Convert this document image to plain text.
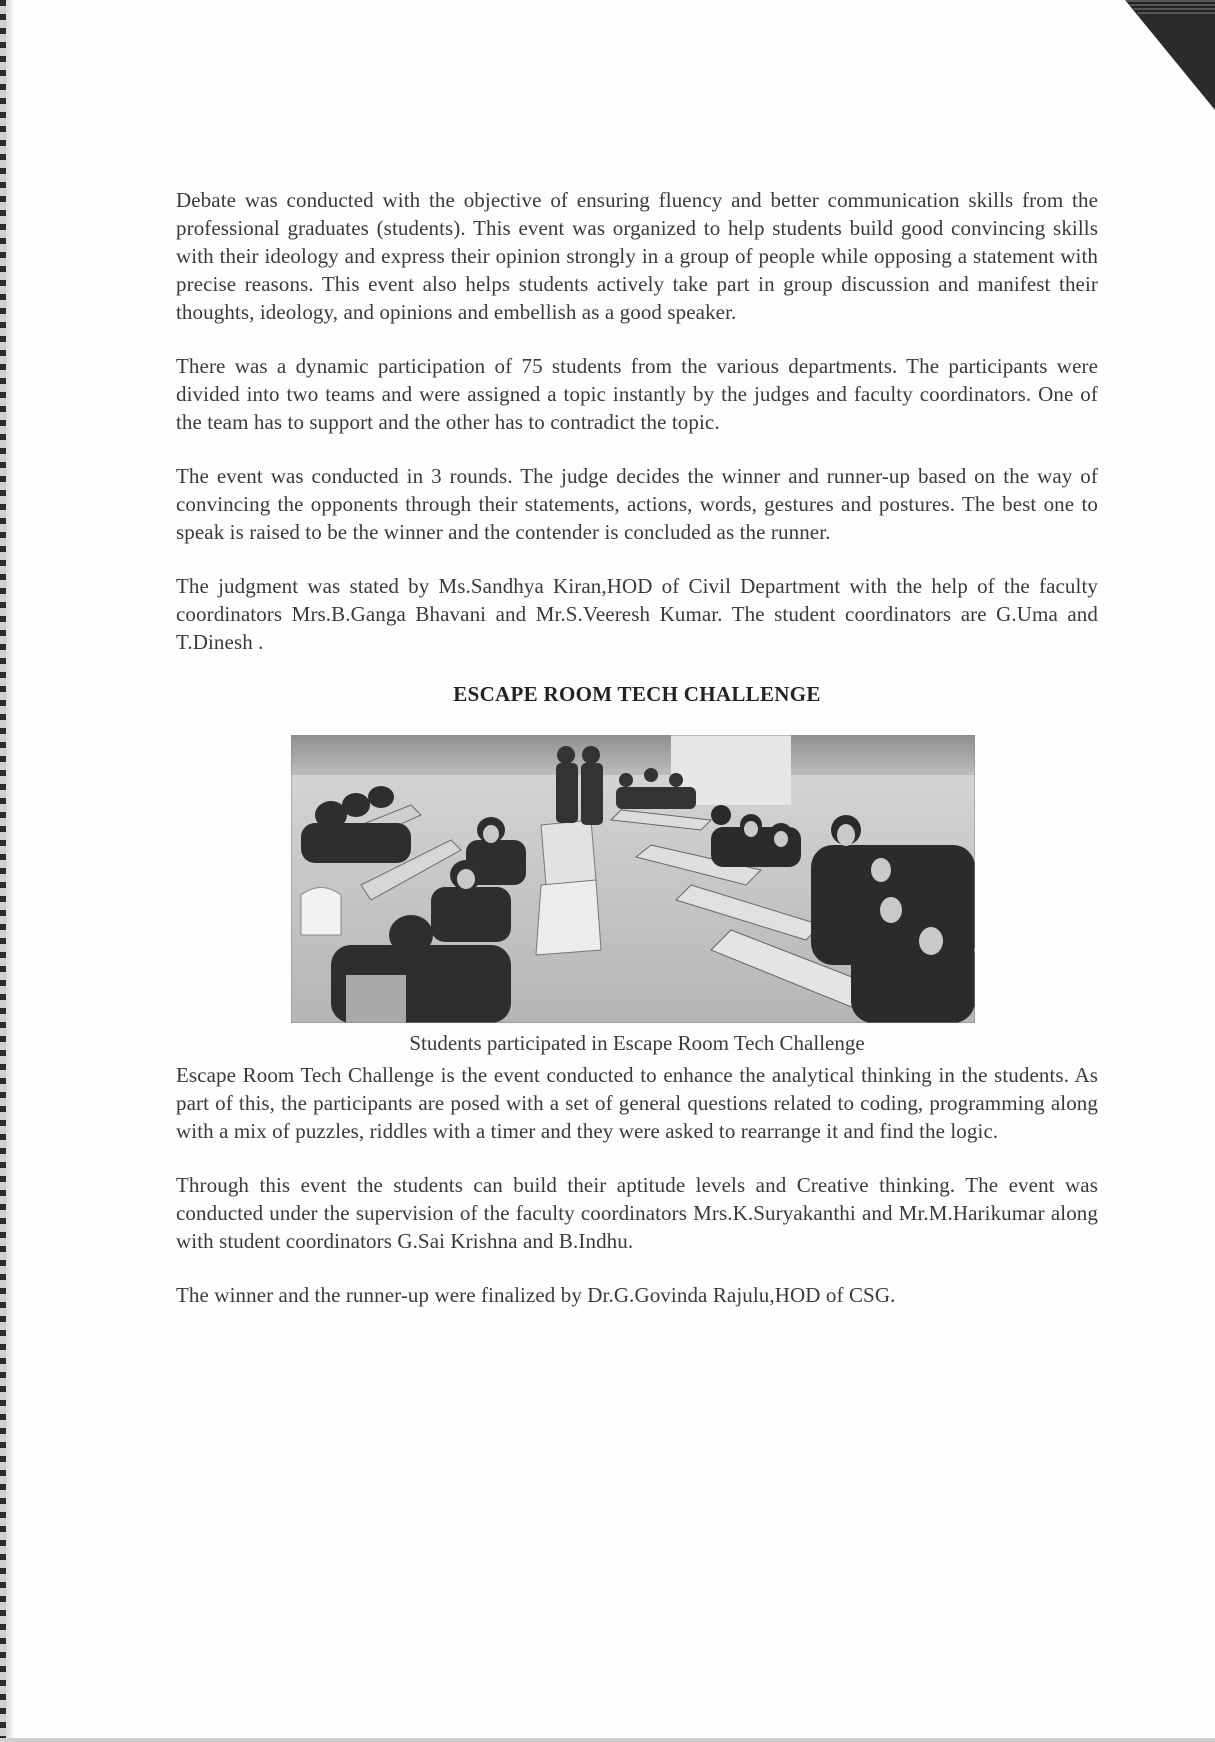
Debate was conducted with the objective of ensuring fluency and better communication skills from the professional graduates (students). This event was organized to help students build good convincing skills with their ideology and express their opinion strongly in a group of people while opposing a statement with precise reasons. This event also helps students actively take part in group discussion and manifest their thoughts, ideology, and opinions and embellish as a good speaker.

There was a dynamic participation of 75 students from the various departments. The participants were divided into two teams and were assigned a topic instantly by the judges and faculty coordinators. One of the team has to support and the other has to contradict the topic.

The event was conducted in 3 rounds. The judge decides the winner and runner-up based on the way of convincing the opponents through their statements, actions, words, gestures and postures. The best one to speak is raised to be the winner and the contender is concluded as the runner.

The judgment was stated by Ms.Sandhya Kiran,HOD of Civil Department with the help of the faculty coordinators Mrs.B.Ganga Bhavani and Mr.S.Veeresh Kumar. The student coordinators are G.Uma and T.Dinesh .

ESCAPE ROOM TECH CHALLENGE
Students participated in Escape Room Tech Challenge

Escape Room Tech Challenge is the event conducted to enhance the analytical thinking in the students. As part of this, the participants are posed with a set of general questions related to coding, programming along with a mix of puzzles, riddles with a timer and they were asked to rearrange it and find the logic.

Through this event the students can build their aptitude levels and Creative thinking. The event was conducted under the supervision of the faculty coordinators Mrs.K.Suryakanthi and Mr.M.Harikumar along with student coordinators G.Sai Krishna and B.Indhu.

The winner and the runner-up were finalized by Dr.G.Govinda Rajulu,HOD of CSG.
